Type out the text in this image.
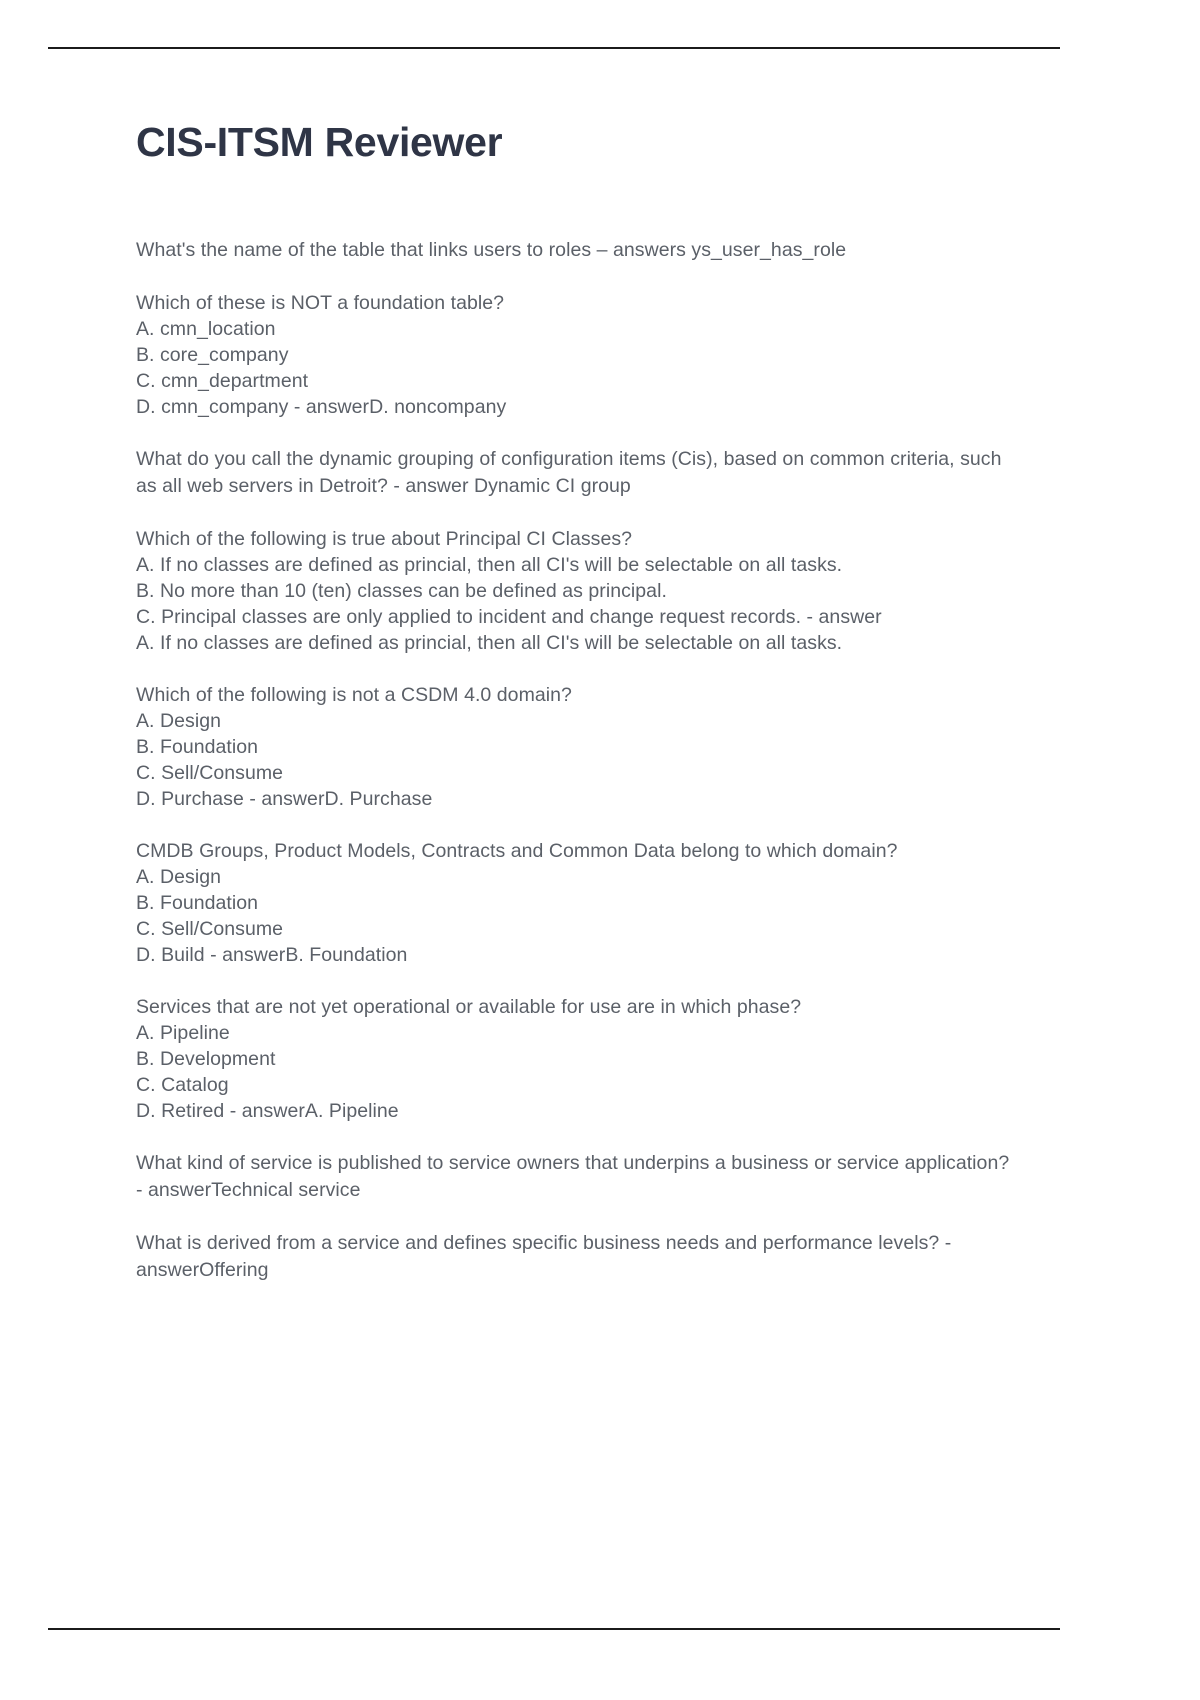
CIS-ITSM Reviewer
What's the name of the table that links users to roles – answers ys_user_has_role
Which of these is NOT a foundation table?
A. cmn_location
B. core_company
C. cmn_department
D. cmn_company - answerD. noncompany
What do you call the dynamic grouping of configuration items (Cis), based on common criteria, such as all web servers in Detroit? - answer Dynamic CI group
Which of the following is true about Principal CI Classes?
A. If no classes are defined as princial, then all CI's will be selectable on all tasks.
B. No more than 10 (ten) classes can be defined as principal.
C. Principal classes are only applied to incident and change request records. - answer
A. If no classes are defined as princial, then all CI's will be selectable on all tasks.
Which of the following is not a CSDM 4.0 domain?
A. Design
B. Foundation
C. Sell/Consume
D. Purchase - answerD. Purchase
CMDB Groups, Product Models, Contracts and Common Data belong to which domain?
A. Design
B. Foundation
C. Sell/Consume
D. Build - answerB. Foundation
Services that are not yet operational or available for use are in which phase?
A. Pipeline
B. Development
C. Catalog
D. Retired - answerA. Pipeline
What kind of service is published to service owners that underpins a business or service application? - answerTechnical service
What is derived from a service and defines specific business needs and performance levels? - answerOffering
